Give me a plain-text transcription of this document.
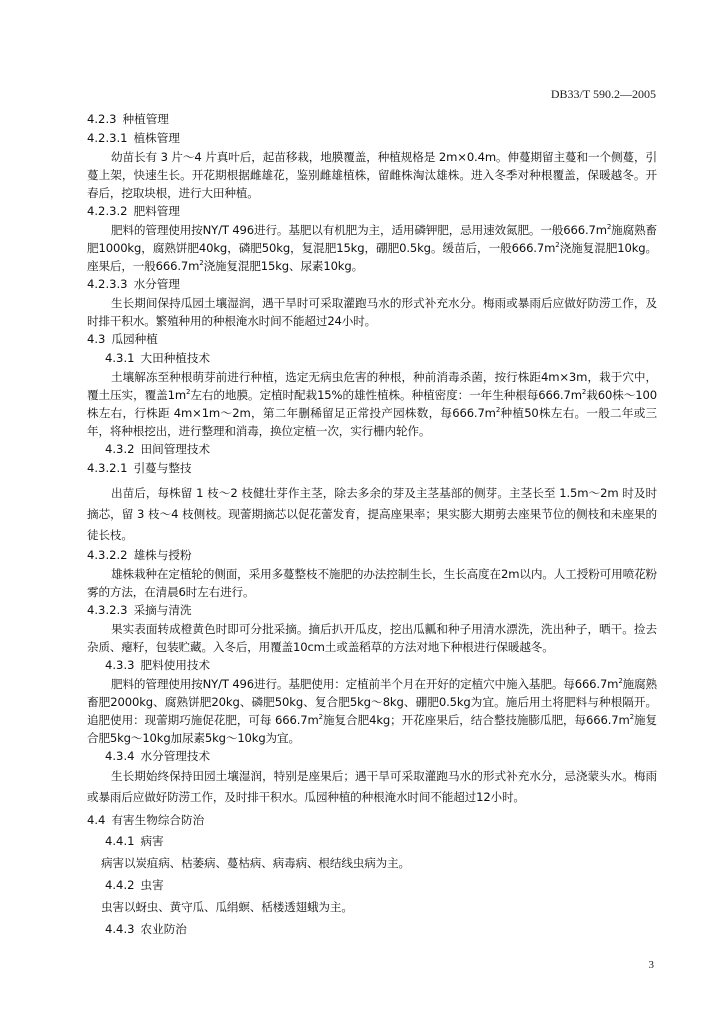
DB33/T 590.2—2005
4.2.3 种植管理
4.2.3.1 植株管理

幼苗长有 3 片～4 片真叶后，起苗移栽，地膜覆盖，种植规格是 2m×0.4m。伸蔓期留主蔓和一个侧蔓，引蔓上架，快速生长。开花期根据雌雄花，鉴别雌雄植株，留雌株淘汰雄株。进入冬季对种根覆盖，保暖越冬。开春后，挖取块根，进行大田种植。

4.2.3.2 肥料管理

肥料的管理使用按NY/T 496进行。基肥以有机肥为主，适用磷钾肥，忌用速效氮肥。一般$666.7m^2$施腐熟畜肥1000kg，腐熟饼肥40kg，磷肥50kg，复混肥15kg，硼肥0.5kg。缓苗后，一般$666.7m^2$浇施复混肥10kg。座果后，一般$666.7m^2$浇施复混肥15kg、尿素10kg。

4.2.3.3 水分管理

生长期间保持瓜园土壤湿润，遇干旱时可采取灌跑马水的形式补充水分。梅雨或暴雨后应做好防涝工作，及时排干积水。繁殖种用的种根淹水时间不能超过24小时。

4.3 瓜园种植
4.3.1 大田种植技术

土壤解冻至种根萌芽前进行种植，选定无病虫危害的种根，种前消毒杀菌，按行株距4m×3m，栽于穴中，覆土压实，覆盖$1m^2$左右的地膜。定植时配栽15%的雄性植株。种植密度：一年生种根每$666.7m^2$栽60株～100株左右，行株距 4m×1m～2m，第二年删稀留足正常投产园株数，每$666.7m^2$种植50株左右。一般二年或三年，将种根挖出，进行整理和消毒，换位定植一次，实行栅内轮作。

4.3.2 田间管理技术
4.3.2.1 引蔓与整技

出苗后，每株留 1 枝～2 枝健壮芽作主茎，除去多余的芽及主茎基部的侧芽。主茎长至 1.5m～2m 时及时摘芯，留 3 枝～4 枝侧枝。现蕾期摘芯以促花蕾发育，提高座果率；果实膨大期剪去座果节位的侧枝和未座果的徒长枝。

4.3.2.2 雄株与授粉

雄株栽种在定植轮的侧面，采用多蔓整枝不施肥的办法控制生长，生长高度在2m以内。人工授粉可用喷花粉雾的方法，在清晨6时左右进行。

4.3.2.3 采摘与清洗

果实表面转成橙黄色时即可分批采摘。摘后扒开瓜皮，挖出瓜瓤和种子用清水漂洗，洗出种子，晒干。捡去杂质、瘪籽，包装贮藏。入冬后，用覆盖10cm土或盖稻草的方法对地下种根进行保暖越冬。

4.3.3 肥料使用技术

肥料的管理使用按NY/T 496进行。基肥使用：定植前半个月在开好的定植穴中施入基肥。每$666.7m^2$施腐熟畜肥2000kg、腐熟饼肥20kg、磷肥50kg、复合肥5kg～8kg、硼肥0.5kg为宜。施后用土将肥料与种根隔开。追肥使用：现蕾期巧施促花肥，可每 $666.7m^2$施复合肥4kg；开花座果后，结合整技施膨瓜肥，每$666.7m^2$施复合肥5kg～10kg加尿素5kg～10kg为宜。

4.3.4 水分管理技术

生长期始终保持田园土壤湿润，特别是座果后；遇干旱可采取灌跑马水的形式补充水分，忌浇蒙头水。梅雨或暴雨后应做好防涝工作，及时排干积水。瓜园种植的种根淹水时间不能超过12小时。

4.4 有害生物综合防治
4.4.1 病害

病害以炭疽病、枯萎病、蔓枯病、病毒病、根结线虫病为主。

4.4.2 虫害

虫害以蚜虫、黄守瓜、瓜绢螟、栝楼透翅蛾为主。

4.4.3 农业防治
3
